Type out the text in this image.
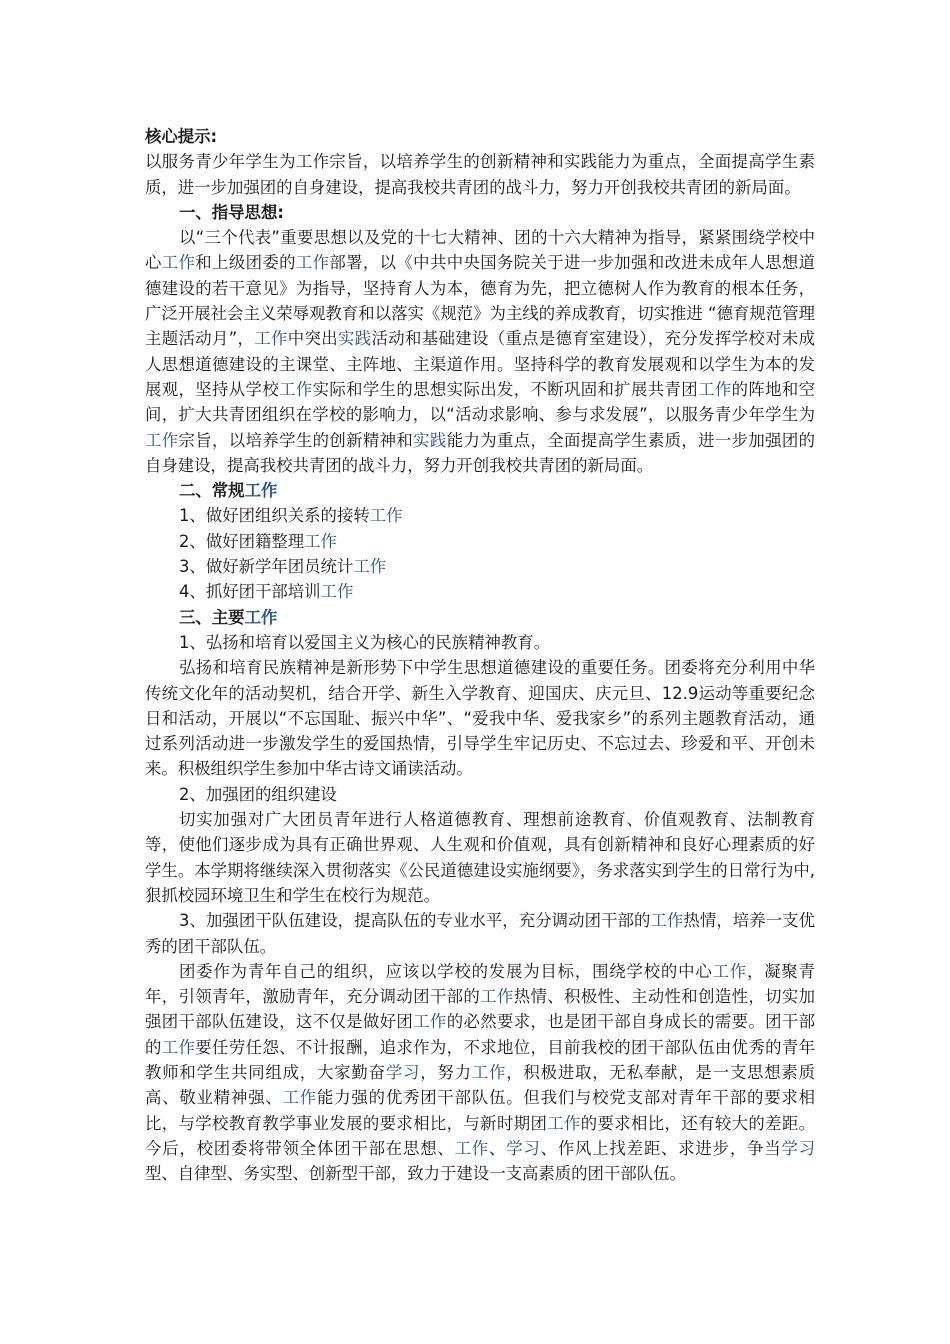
核心提示:

以服务青少年学生为工作宗旨，以培养学生的创新精神和实践能力为重点，全面提高学生素质，进一步加强团的自身建设，提高我校共青团的战斗力，努力开创我校共青团的新局面。

一、指导思想:

以“三个代表”重要思想以及党的十七大精神、团的十六大精神为指导，紧紧围绕学校中心工作和上级团委的工作部署，以《中共中央国务院关于进一步加强和改进未成年人思想道德建设的若干意见》为指导，坚持育人为本，德育为先，把立德树人作为教育的根本任务，广泛开展社会主义荣辱观教育和以落实《规范》为主线的养成教育，切实推进 “德育规范管理主题活动月”，工作中突出实践活动和基础建设（重点是德育室建设），充分发挥学校对未成人思想道德建设的主课堂、主阵地、主渠道作用。坚持科学的教育发展观和以学生为本的发展观，坚持从学校工作实际和学生的思想实际出发，不断巩固和扩展共青团工作的阵地和空间，扩大共青团组织在学校的影响力，以“活动求影响、参与求发展”，以服务青少年学生为工作宗旨，以培养学生的创新精神和实践能力为重点，全面提高学生素质，进一步加强团的自身建设，提高我校共青团的战斗力，努力开创我校共青团的新局面。

二、常规工作

1、做好团组织关系的接转工作

2、做好团籍整理工作

3、做好新学年团员统计工作

4、抓好团干部培训工作

三、主要工作

1、弘扬和培育以爱国主义为核心的民族精神教育。

弘扬和培育民族精神是新形势下中学生思想道德建设的重要任务。团委将充分利用中华传统文化年的活动契机，结合开学、新生入学教育、迎国庆、庆元旦、12.9运动等重要纪念日和活动，开展以“不忘国耻、振兴中华”、“爱我中华、爱我家乡”的系列主题教育活动，通过系列活动进一步激发学生的爱国热情，引导学生牢记历史、不忘过去、珍爱和平、开创未来。积极组织学生参加中华古诗文诵读活动。

2、加强团的组织建设

切实加强对广大团员青年进行人格道德教育、理想前途教育、价值观教育、法制教育等，使他们逐步成为具有正确世界观、人生观和价值观，具有创新精神和良好心理素质的好学生。本学期将继续深入贯彻落实《公民道德建设实施纲要》，务求落实到学生的日常行为中,狠抓校园环境卫生和学生在校行为规范。

3、加强团干队伍建设，提高队伍的专业水平，充分调动团干部的工作热情，培养一支优秀的团干部队伍。

团委作为青年自己的组织，应该以学校的发展为目标，围绕学校的中心工作，凝聚青年，引领青年，激励青年，充分调动团干部的工作热情、积极性、主动性和创造性，切实加强团干部队伍建设，这不仅是做好团工作的必然要求，也是团干部自身成长的需要。团干部的工作要任劳任怨、不计报酬，追求作为，不求地位，目前我校的团干部队伍由优秀的青年教师和学生共同组成，大家勤奋学习，努力工作，积极进取，无私奉献，是一支思想素质高、敬业精神强、工作能力强的优秀团干部队伍。但我们与校党支部对青年干部的要求相比，与学校教育教学事业发展的要求相比，与新时期团工作的要求相比，还有较大的差距。今后，校团委将带领全体团干部在思想、工作、学习、作风上找差距、求进步，争当学习型、自律型、务实型、创新型干部，致力于建设一支高素质的团干部队伍。
